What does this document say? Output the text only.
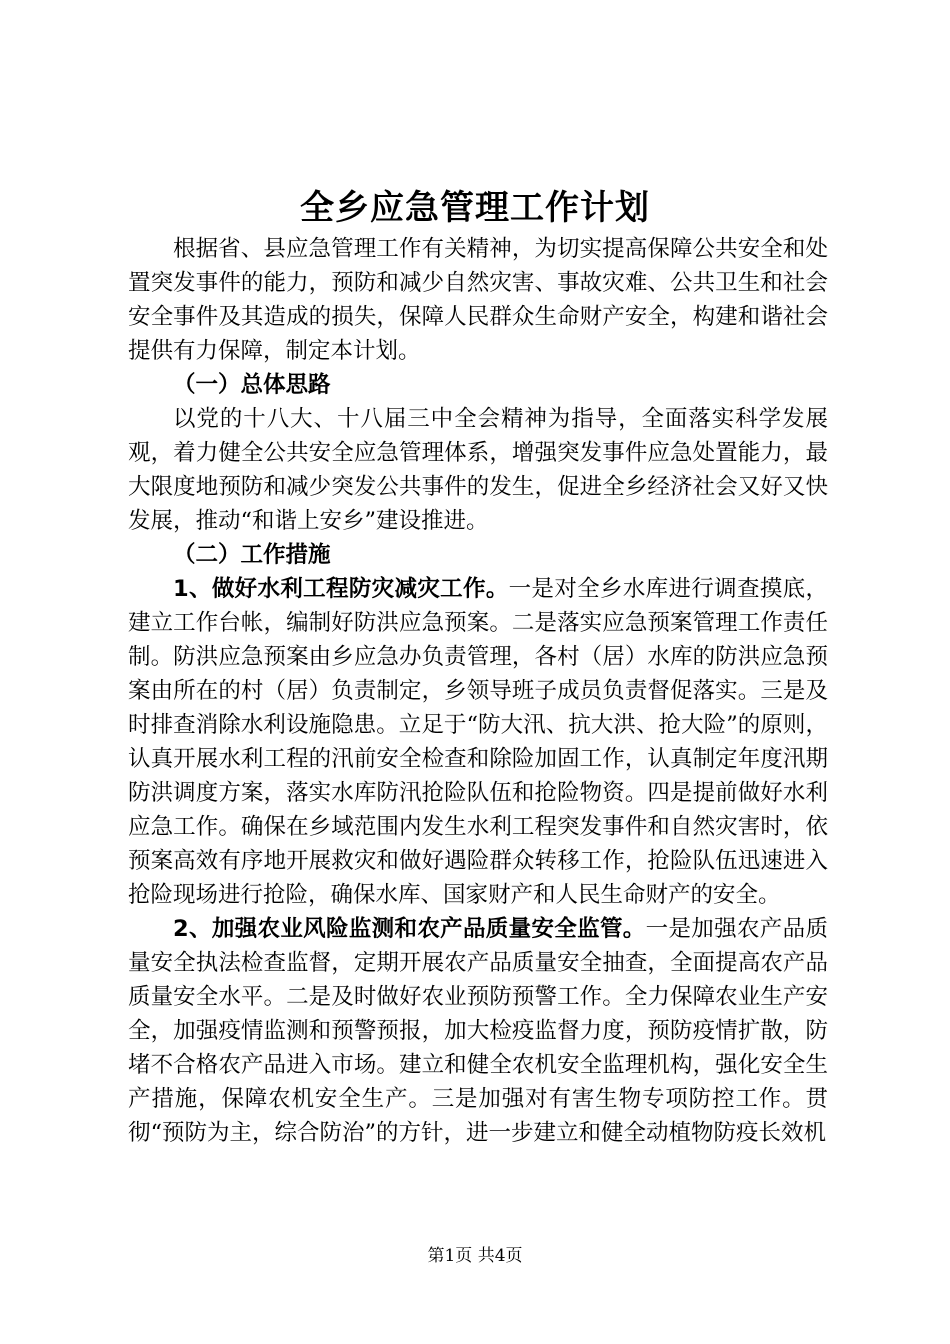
全乡应急管理工作计划

根据省、县应急管理工作有关精神，为切实提高保障公共安全和处置突发事件的能力，预防和减少自然灾害、事故灾难、公共卫生和社会安全事件及其造成的损失，保障人民群众生命财产安全，构建和谐社会提供有力保障，制定本计划。

（一）总体思路

以党的十八大、十八届三中全会精神为指导，全面落实科学发展观，着力健全公共安全应急管理体系，增强突发事件应急处置能力，最大限度地预防和减少突发公共事件的发生，促进全乡经济社会又好又快发展，推动“和谐上安乡”建设推进。

（二）工作措施

1、做好水利工程防灾减灾工作。一是对全乡水库进行调查摸底，建立工作台帐，编制好防洪应急预案。二是落实应急预案管理工作责任制。防洪应急预案由乡应急办负责管理，各村（居）水库的防洪应急预案由所在的村（居）负责制定，乡领导班子成员负责督促落实。三是及时排查消除水利设施隐患。立足于“防大汛、抗大洪、抢大险”的原则，认真开展水利工程的汛前安全检查和除险加固工作，认真制定年度汛期防洪调度方案，落实水库防汛抢险队伍和抢险物资。四是提前做好水利应急工作。确保在乡域范围内发生水利工程突发事件和自然灾害时，依预案高效有序地开展救灾和做好遇险群众转移工作，抢险队伍迅速进入抢险现场进行抢险，确保水库、国家财产和人民生命财产的安全。

2、加强农业风险监测和农产品质量安全监管。一是加强农产品质量安全执法检查监督，定期开展农产品质量安全抽查，全面提高农产品质量安全水平。二是及时做好农业预防预警工作。全力保障农业生产安全，加强疫情监测和预警预报，加大检疫监督力度，预防疫情扩散，防堵不合格农产品进入市场。建立和健全农机安全监理机构，强化安全生产措施，保障农机安全生产。三是加强对有害生物专项防控工作。贯彻“预防为主，综合防治”的方针，进一步建立和健全动植物防疫长效机

第1页 共4页
